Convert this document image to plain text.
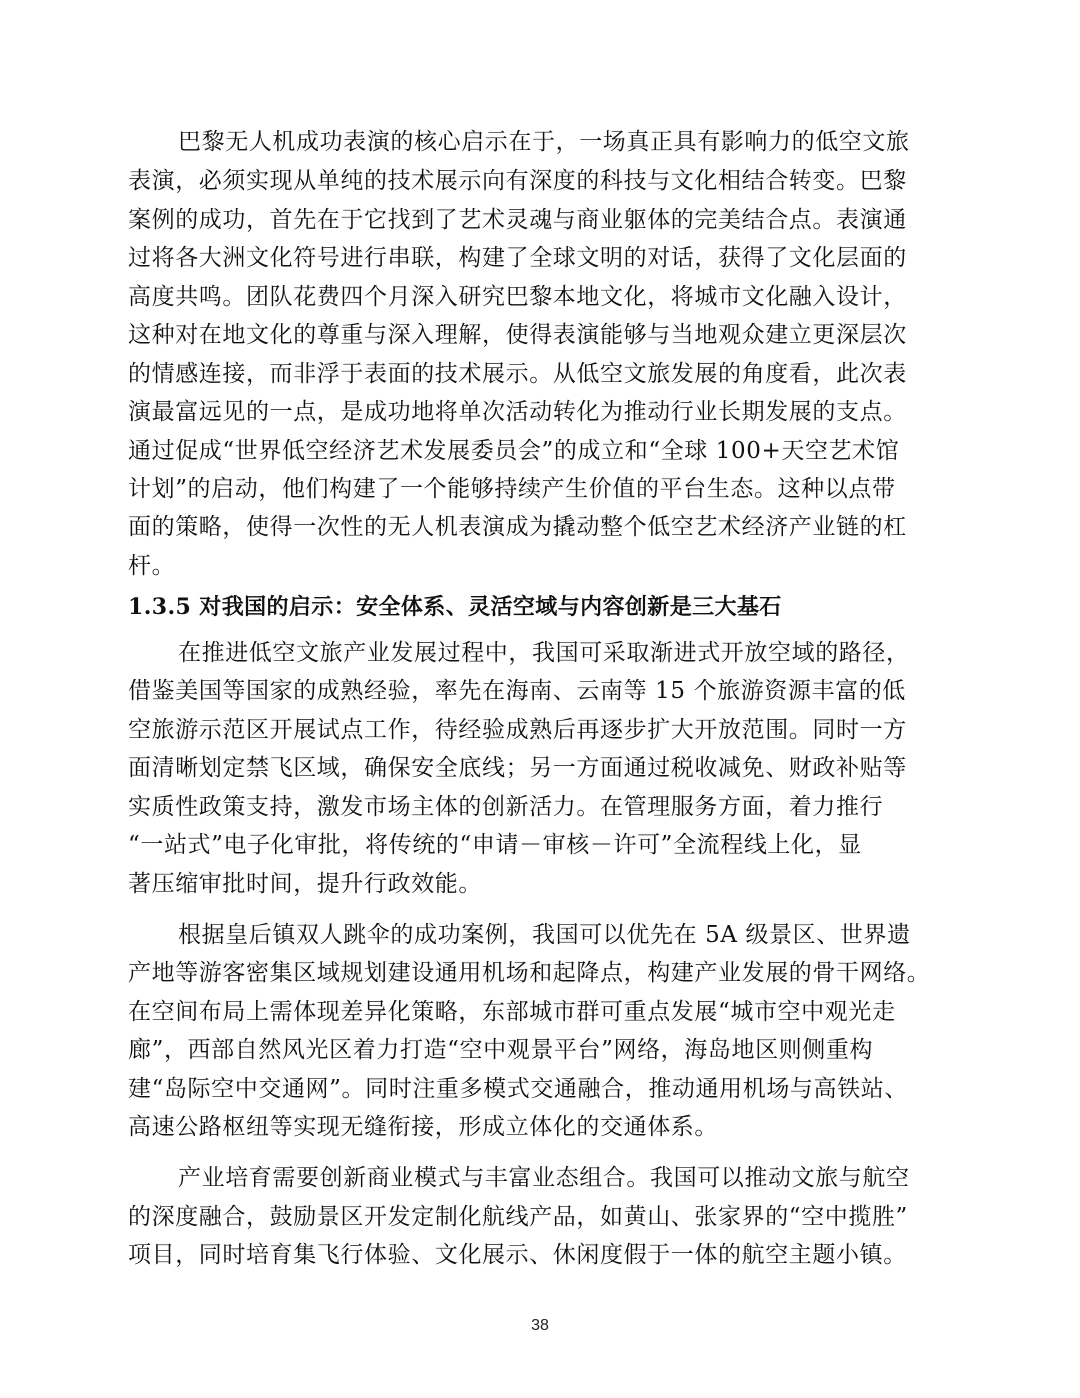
巴黎无人机成功表演的核心启示在于，一场真正具有影响力的低空文旅
表演，必须实现从单纯的技术展示向有深度的科技与文化相结合转变。巴黎
案例的成功，首先在于它找到了艺术灵魂与商业躯体的完美结合点。表演通
过将各大洲文化符号进行串联，构建了全球文明的对话，获得了文化层面的
高度共鸣。团队花费四个月深入研究巴黎本地文化，将城市文化融入设计，
这种对在地文化的尊重与深入理解，使得表演能够与当地观众建立更深层次
的情感连接，而非浮于表面的技术展示。从低空文旅发展的角度看，此次表
演最富远见的一点，是成功地将单次活动转化为推动行业长期发展的支点。
通过促成“世界低空经济艺术发展委员会”的成立和“全球 100+天空艺术馆
计划”的启动，他们构建了一个能够持续产生价值的平台生态。这种以点带
面的策略，使得一次性的无人机表演成为撬动整个低空艺术经济产业链的杠
杆。
1.3.5 对我国的启示：安全体系、灵活空域与内容创新是三大基石
在推进低空文旅产业发展过程中，我国可采取渐进式开放空域的路径，
借鉴美国等国家的成熟经验，率先在海南、云南等 15 个旅游资源丰富的低
空旅游示范区开展试点工作，待经验成熟后再逐步扩大开放范围。同时一方
面清晰划定禁飞区域，确保安全底线；另一方面通过税收减免、财政补贴等
实质性政策支持，激发市场主体的创新活力。在管理服务方面，着力推行
“一站式”电子化审批，将传统的“申请－审核－许可”全流程线上化，显
著压缩审批时间，提升行政效能。
根据皇后镇双人跳伞的成功案例，我国可以优先在 5A 级景区、世界遗
产地等游客密集区域规划建设通用机场和起降点，构建产业发展的骨干网络。
在空间布局上需体现差异化策略，东部城市群可重点发展“城市空中观光走
廊”，西部自然风光区着力打造“空中观景平台”网络，海岛地区则侧重构
建“岛际空中交通网”。同时注重多模式交通融合，推动通用机场与高铁站、
高速公路枢纽等实现无缝衔接，形成立体化的交通体系。
产业培育需要创新商业模式与丰富业态组合。我国可以推动文旅与航空
的深度融合，鼓励景区开发定制化航线产品，如黄山、张家界的“空中揽胜”
项目，同时培育集飞行体验、文化展示、休闲度假于一体的航空主题小镇。
38
